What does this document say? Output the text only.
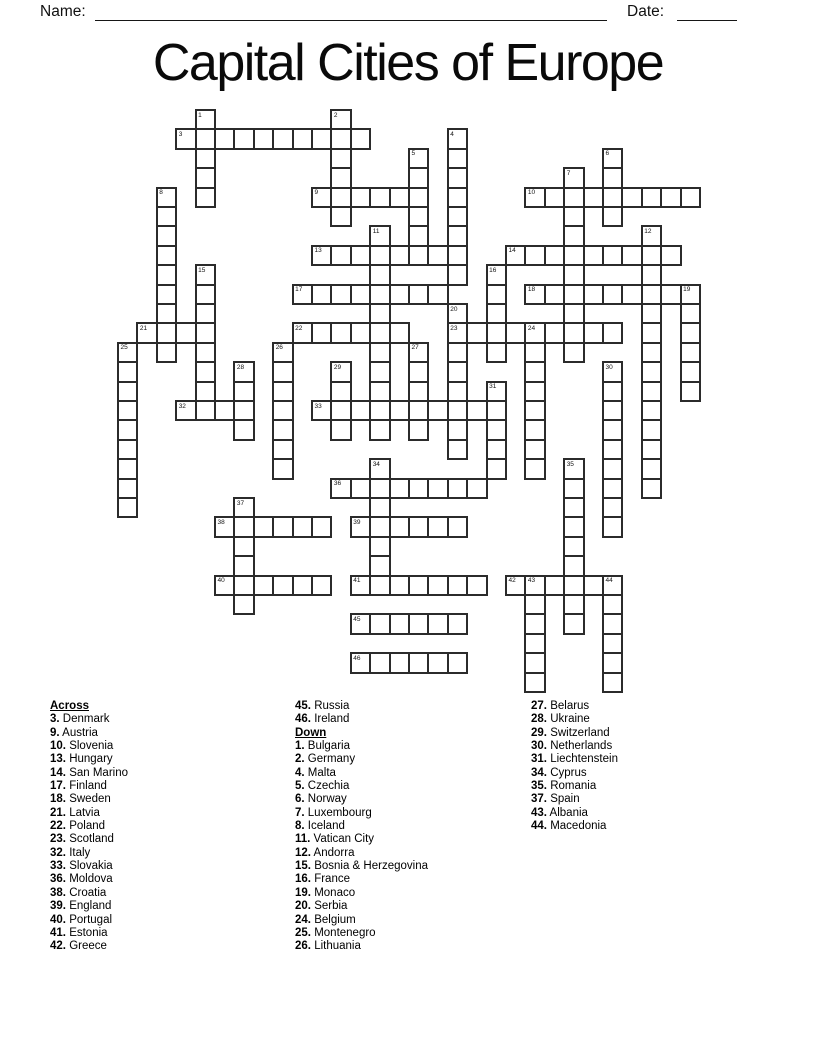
Name:	Date:
Capital Cities of Europe
1	2
3	4
5	6
7
8	9	10
11	12
13	14
15	16
17	18	19
20
21	22	23	24
25	26	27
28	29	30
31
32	33
34	35
36
37
38	39
40	41	42 43	44
45
46
Across
3. Denmark
9. Austria
10. Slovenia
13. Hungary
14. San Marino
17. Finland
18. Sweden
21. Latvia
22. Poland
23. Scotland
32. Italy
33. Slovakia
36. Moldova
38. Croatia
39. England
40. Portugal
41. Estonia
42. Greece
45. Russia
46. Ireland
Down
1. Bulgaria
2. Germany
4. Malta
5. Czechia
6. Norway
7. Luxembourg
8. Iceland
11. Vatican City
12. Andorra
15. Bosnia & Herzegovina
16. France
19. Monaco
20. Serbia
24. Belgium
25. Montenegro
26. Lithuania
27. Belarus
28. Ukraine
29. Switzerland
30. Netherlands
31. Liechtenstein
34. Cyprus
35. Romania
37. Spain
43. Albania
44. Macedonia
